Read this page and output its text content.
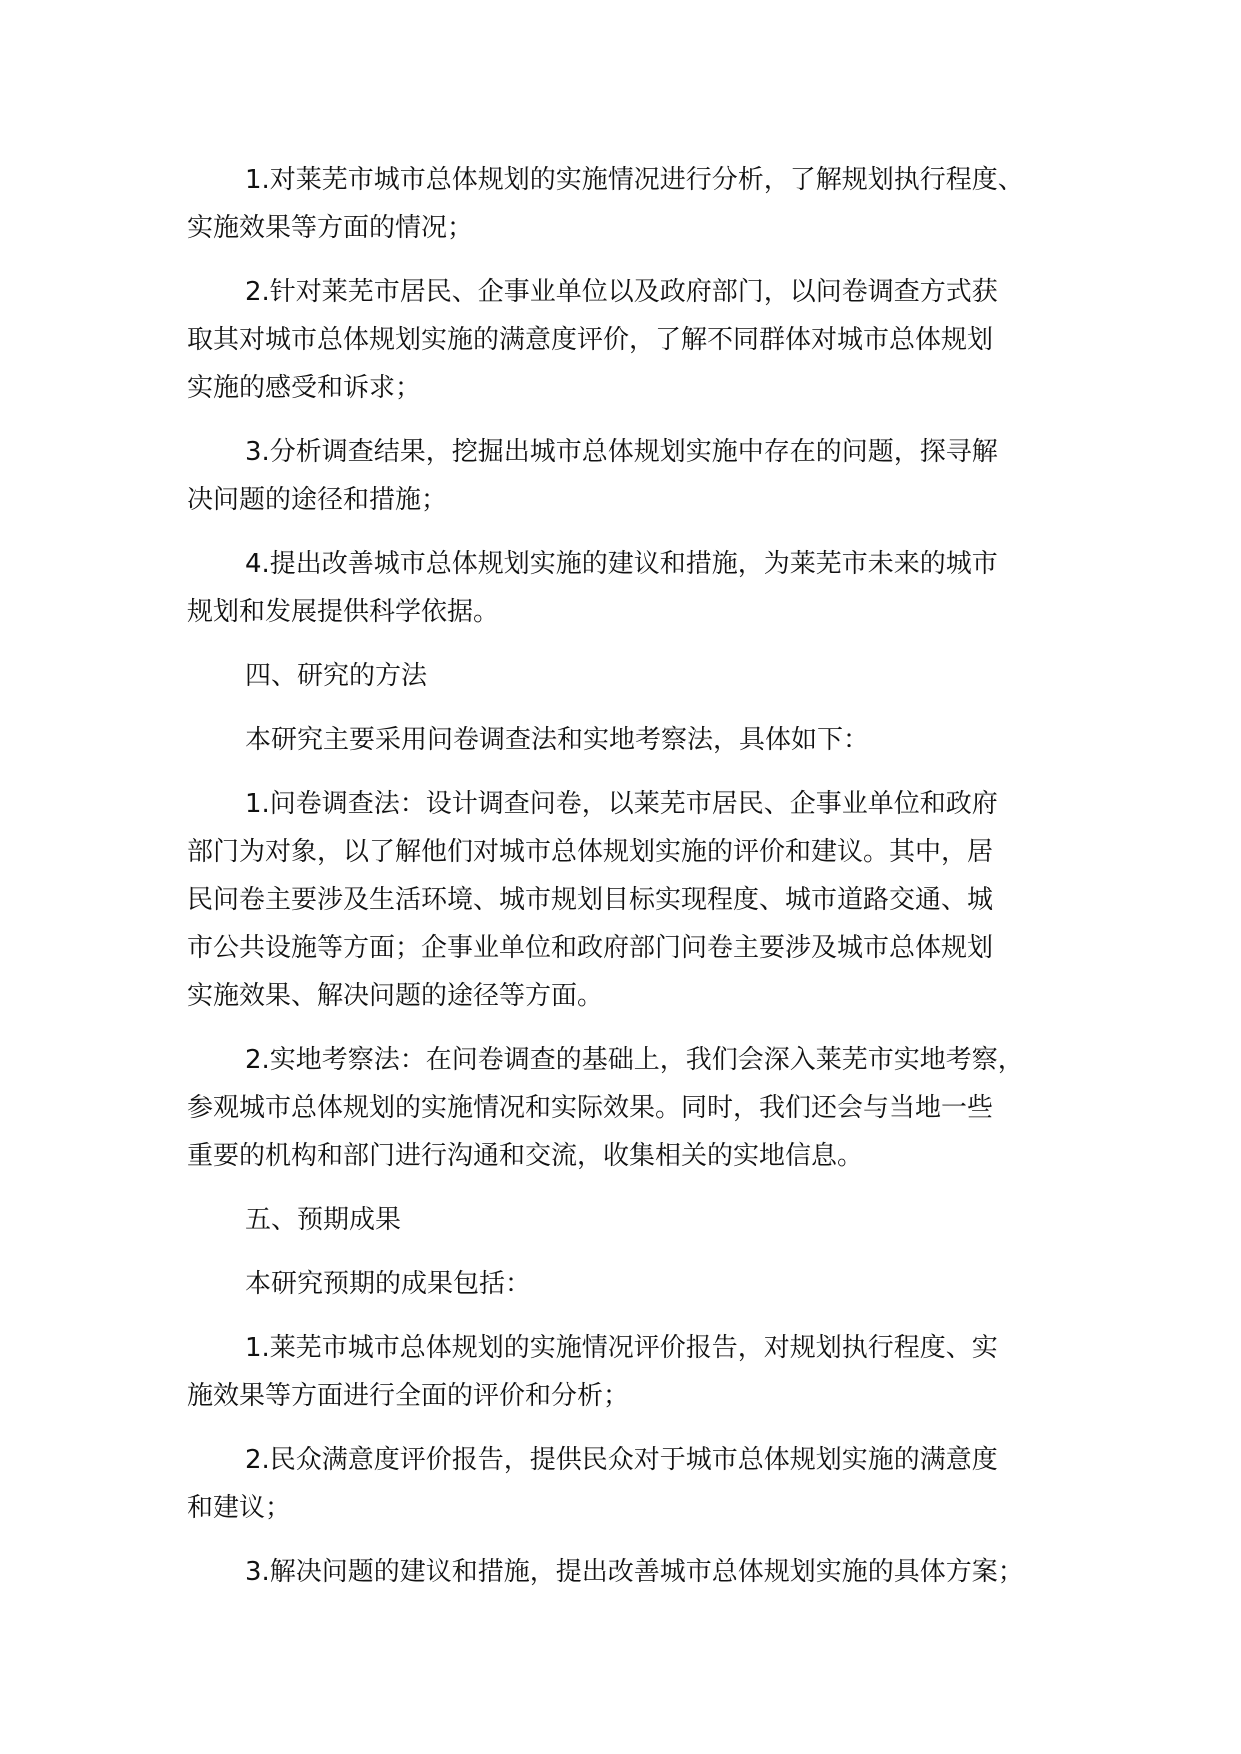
1.对莱芜市城市总体规划的实施情况进行分析，了解规划执行程度、
实施效果等方面的情况；

2.针对莱芜市居民、企事业单位以及政府部门，以问卷调查方式获
取其对城市总体规划实施的满意度评价，了解不同群体对城市总体规划
实施的感受和诉求；

3.分析调查结果，挖掘出城市总体规划实施中存在的问题，探寻解
决问题的途径和措施；

4.提出改善城市总体规划实施的建议和措施，为莱芜市未来的城市
规划和发展提供科学依据。

四、研究的方法

本研究主要采用问卷调查法和实地考察法，具体如下：

1.问卷调查法：设计调查问卷，以莱芜市居民、企事业单位和政府
部门为对象，以了解他们对城市总体规划实施的评价和建议。其中，居
民问卷主要涉及生活环境、城市规划目标实现程度、城市道路交通、城
市公共设施等方面；企事业单位和政府部门问卷主要涉及城市总体规划
实施效果、解决问题的途径等方面。

2.实地考察法：在问卷调查的基础上，我们会深入莱芜市实地考察，
参观城市总体规划的实施情况和实际效果。同时，我们还会与当地一些
重要的机构和部门进行沟通和交流，收集相关的实地信息。

五、预期成果

本研究预期的成果包括：

1.莱芜市城市总体规划的实施情况评价报告，对规划执行程度、实
施效果等方面进行全面的评价和分析；

2.民众满意度评价报告，提供民众对于城市总体规划实施的满意度
和建议；

3.解决问题的建议和措施，提出改善城市总体规划实施的具体方案；
